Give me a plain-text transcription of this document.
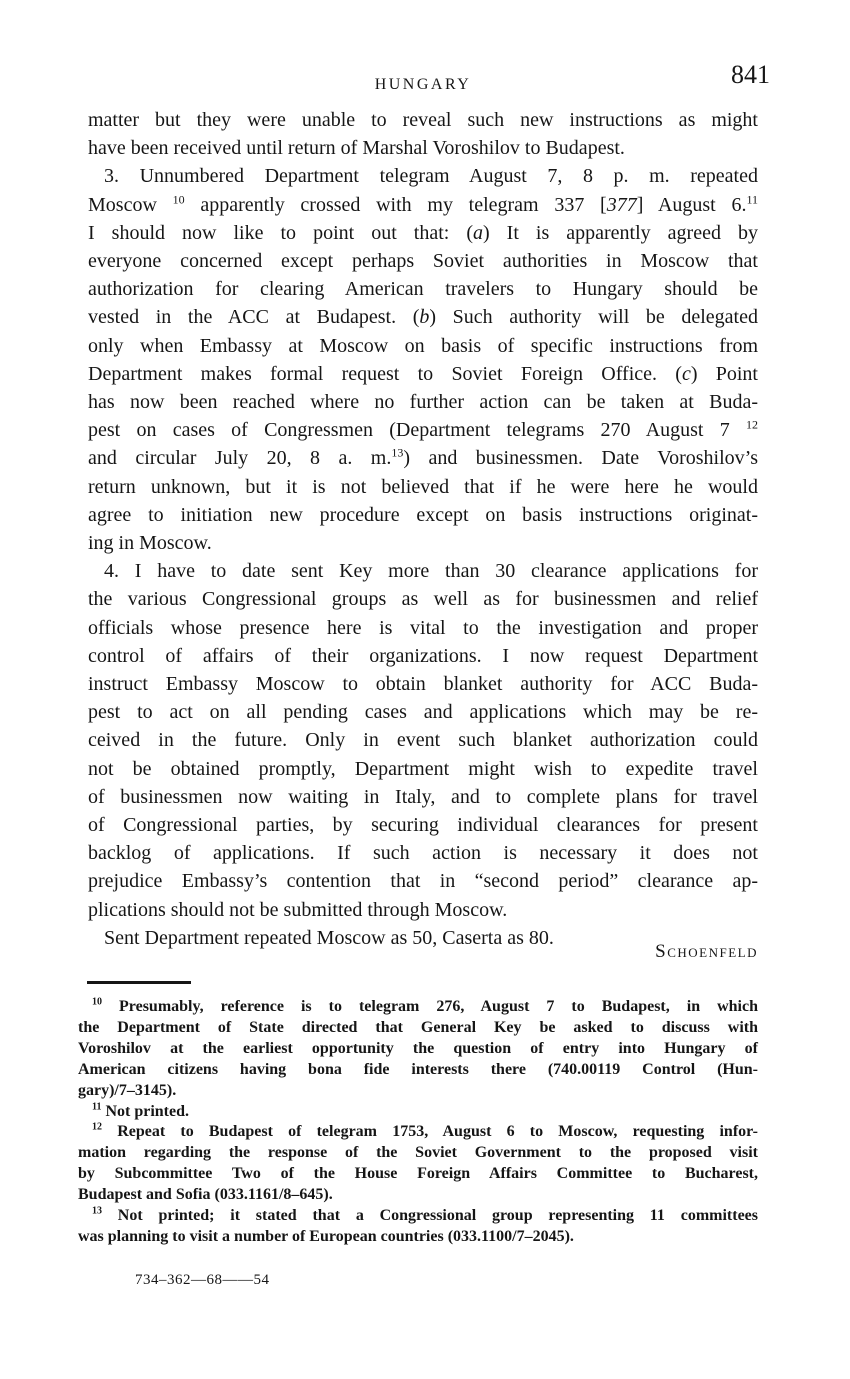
HUNGARY	841
matter but they were unable to reveal such new instructions as might
have been received until return of Marshal Voroshilov to Budapest.
3. Unnumbered Department telegram August 7, 8 p. m. repeated
Moscow $^{10}$ apparently crossed with my telegram 337 [377] August 6.11
I should now like to point out that: (a) It is apparently agreed by
everyone concerned except perhaps Soviet authorities in Moscow that
authorization for clearing American travelers to Hungary should be
vested in the ACC at Budapest. (b) Such authority will be delegated
only when Embassy at Moscow on basis of specific instructions from
Department makes formal request to Soviet Foreign Office. (c) Point
has now been reached where no further action can be taken at Buda-
pest on cases of Congressmen (Department telegrams 270 August 7 $^{12}$
and circular July 20, 8 a. m.$^{13}$) and businessmen. Date Voroshilov’s
return unknown, but it is not believed that if he were here he would
agree to initiation new procedure except on basis instructions originat-
ing in Moscow.
4. I have to date sent Key more than 30 clearance applications for
the various Congressional groups as well as for businessmen and relief
officials whose presence here is vital to the investigation and proper
control of affairs of their organizations. I now request Department
instruct Embassy Moscow to obtain blanket authority for ACC Buda-
pest to act on all pending cases and applications which may be re-
ceived in the future. Only in event such blanket authorization could
not be obtained promptly, Department might wish to expedite travel
of businessmen now waiting in Italy, and to complete plans for travel
of Congressional parties, by securing individual clearances for present
backlog of applications. If such action is necessary it does not
prejudice Embassy’s contention that in “second period” clearance ap-
plications should not be submitted through Moscow.
Sent Department repeated Moscow as 50, Caserta as 80.
Schoenfeld
$^{10}$ Presumably, reference is to telegram 276, August 7 to Budapest, in which
the Department of State directed that General Key be asked to discuss with
Voroshilov at the earliest opportunity the question of entry into Hungary of
American citizens having bona fide interests there (740.00119 Control (Hun-
gary)/7–3145).
$^{11}$ Not printed.
$^{12}$ Repeat to Budapest of telegram 1753, August 6 to Moscow, requesting infor-
mation regarding the response of the Soviet Government to the proposed visit
by Subcommittee Two of the House Foreign Affairs Committee to Bucharest,
Budapest and Sofia (033.1161/8–645).
$^{13}$ Not printed; it stated that a Congressional group representing 11 committees
was planning to visit a number of European countries (033.1100/7–2045).
734–362—68——54
